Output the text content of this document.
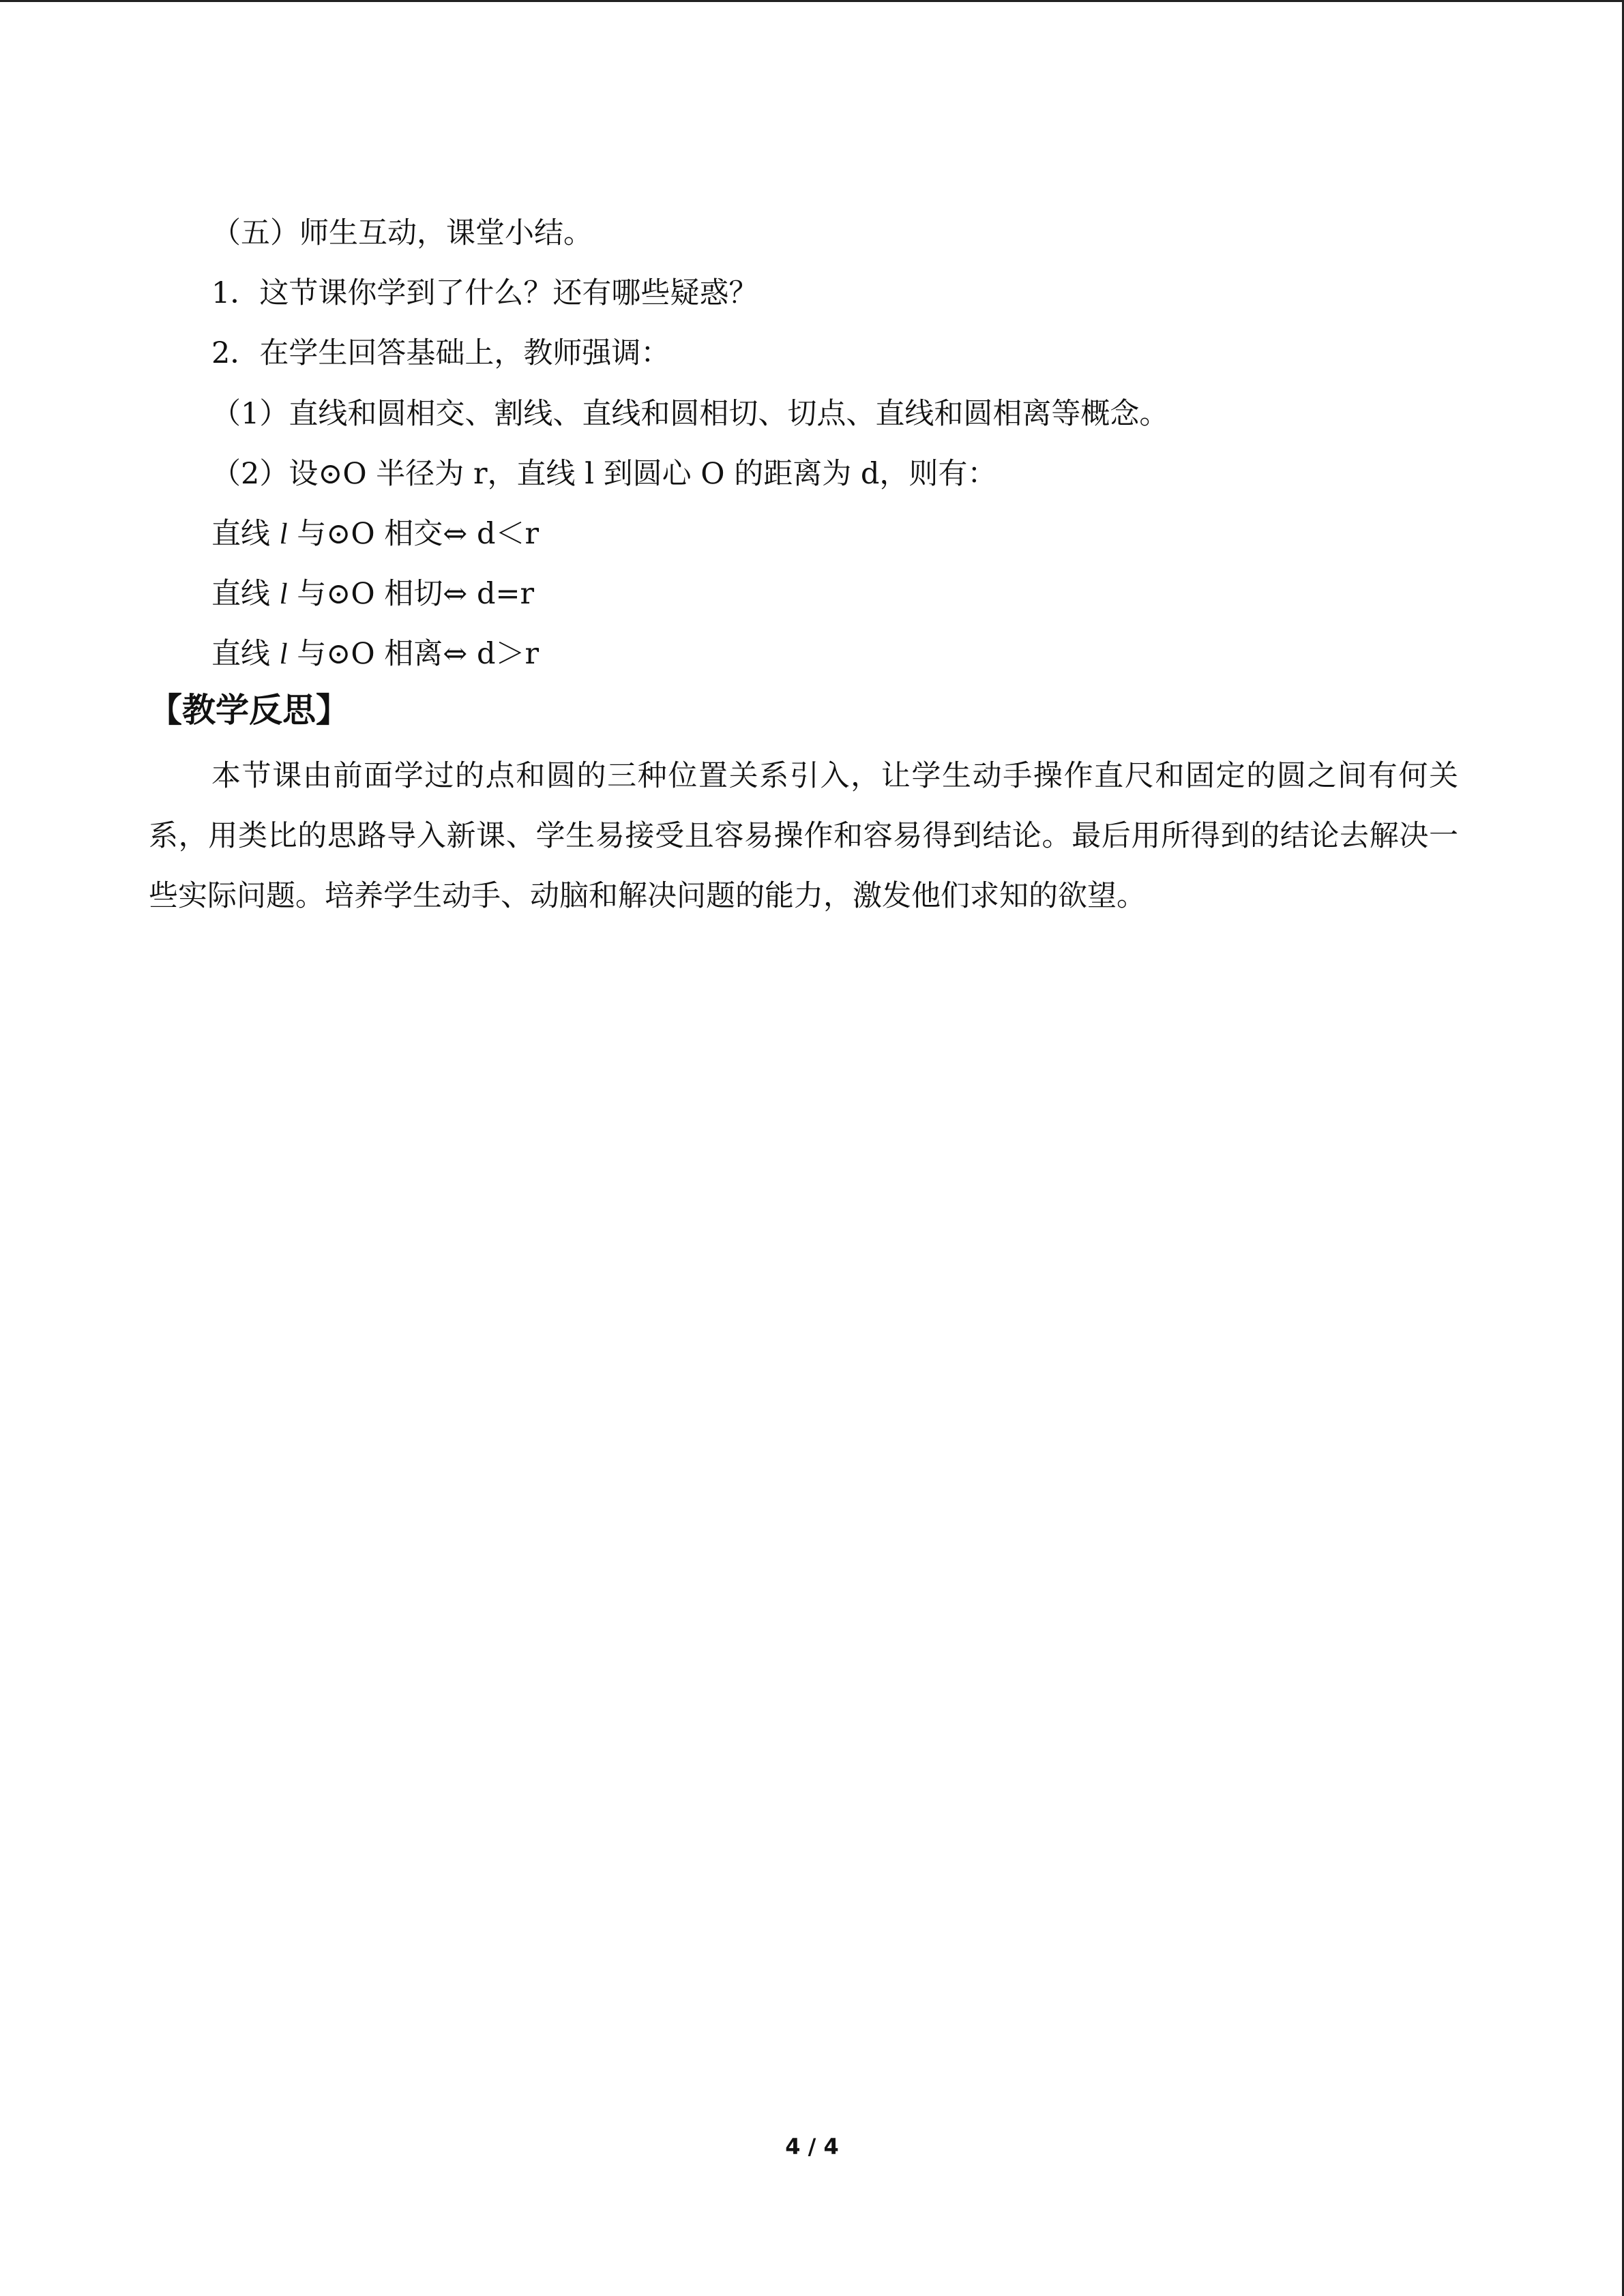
（五）师生互动，课堂小结。
1．这节课你学到了什么？还有哪些疑惑？
2．在学生回答基础上，教师强调：
（1）直线和圆相交、割线、直线和圆相切、切点、直线和圆相离等概念。
（2）设⊙O 半径为 r，直线 l 到圆心 O 的距离为 d，则有：
直线 l 与⊙O 相交⇔ d＜r
直线 l 与⊙O 相切⇔ d=r
直线 l 与⊙O 相离⇔ d＞r
【教学反思】
本节课由前面学过的点和圆的三种位置关系引入，让学生动手操作直尺和固定的圆之间有何关系，用类比的思路导入新课、学生易接受且容易操作和容易得到结论。最后用所得到的结论去解决一些实际问题。培养学生动手、动脑和解决问题的能力，激发他们求知的欲望。
4 / 4
